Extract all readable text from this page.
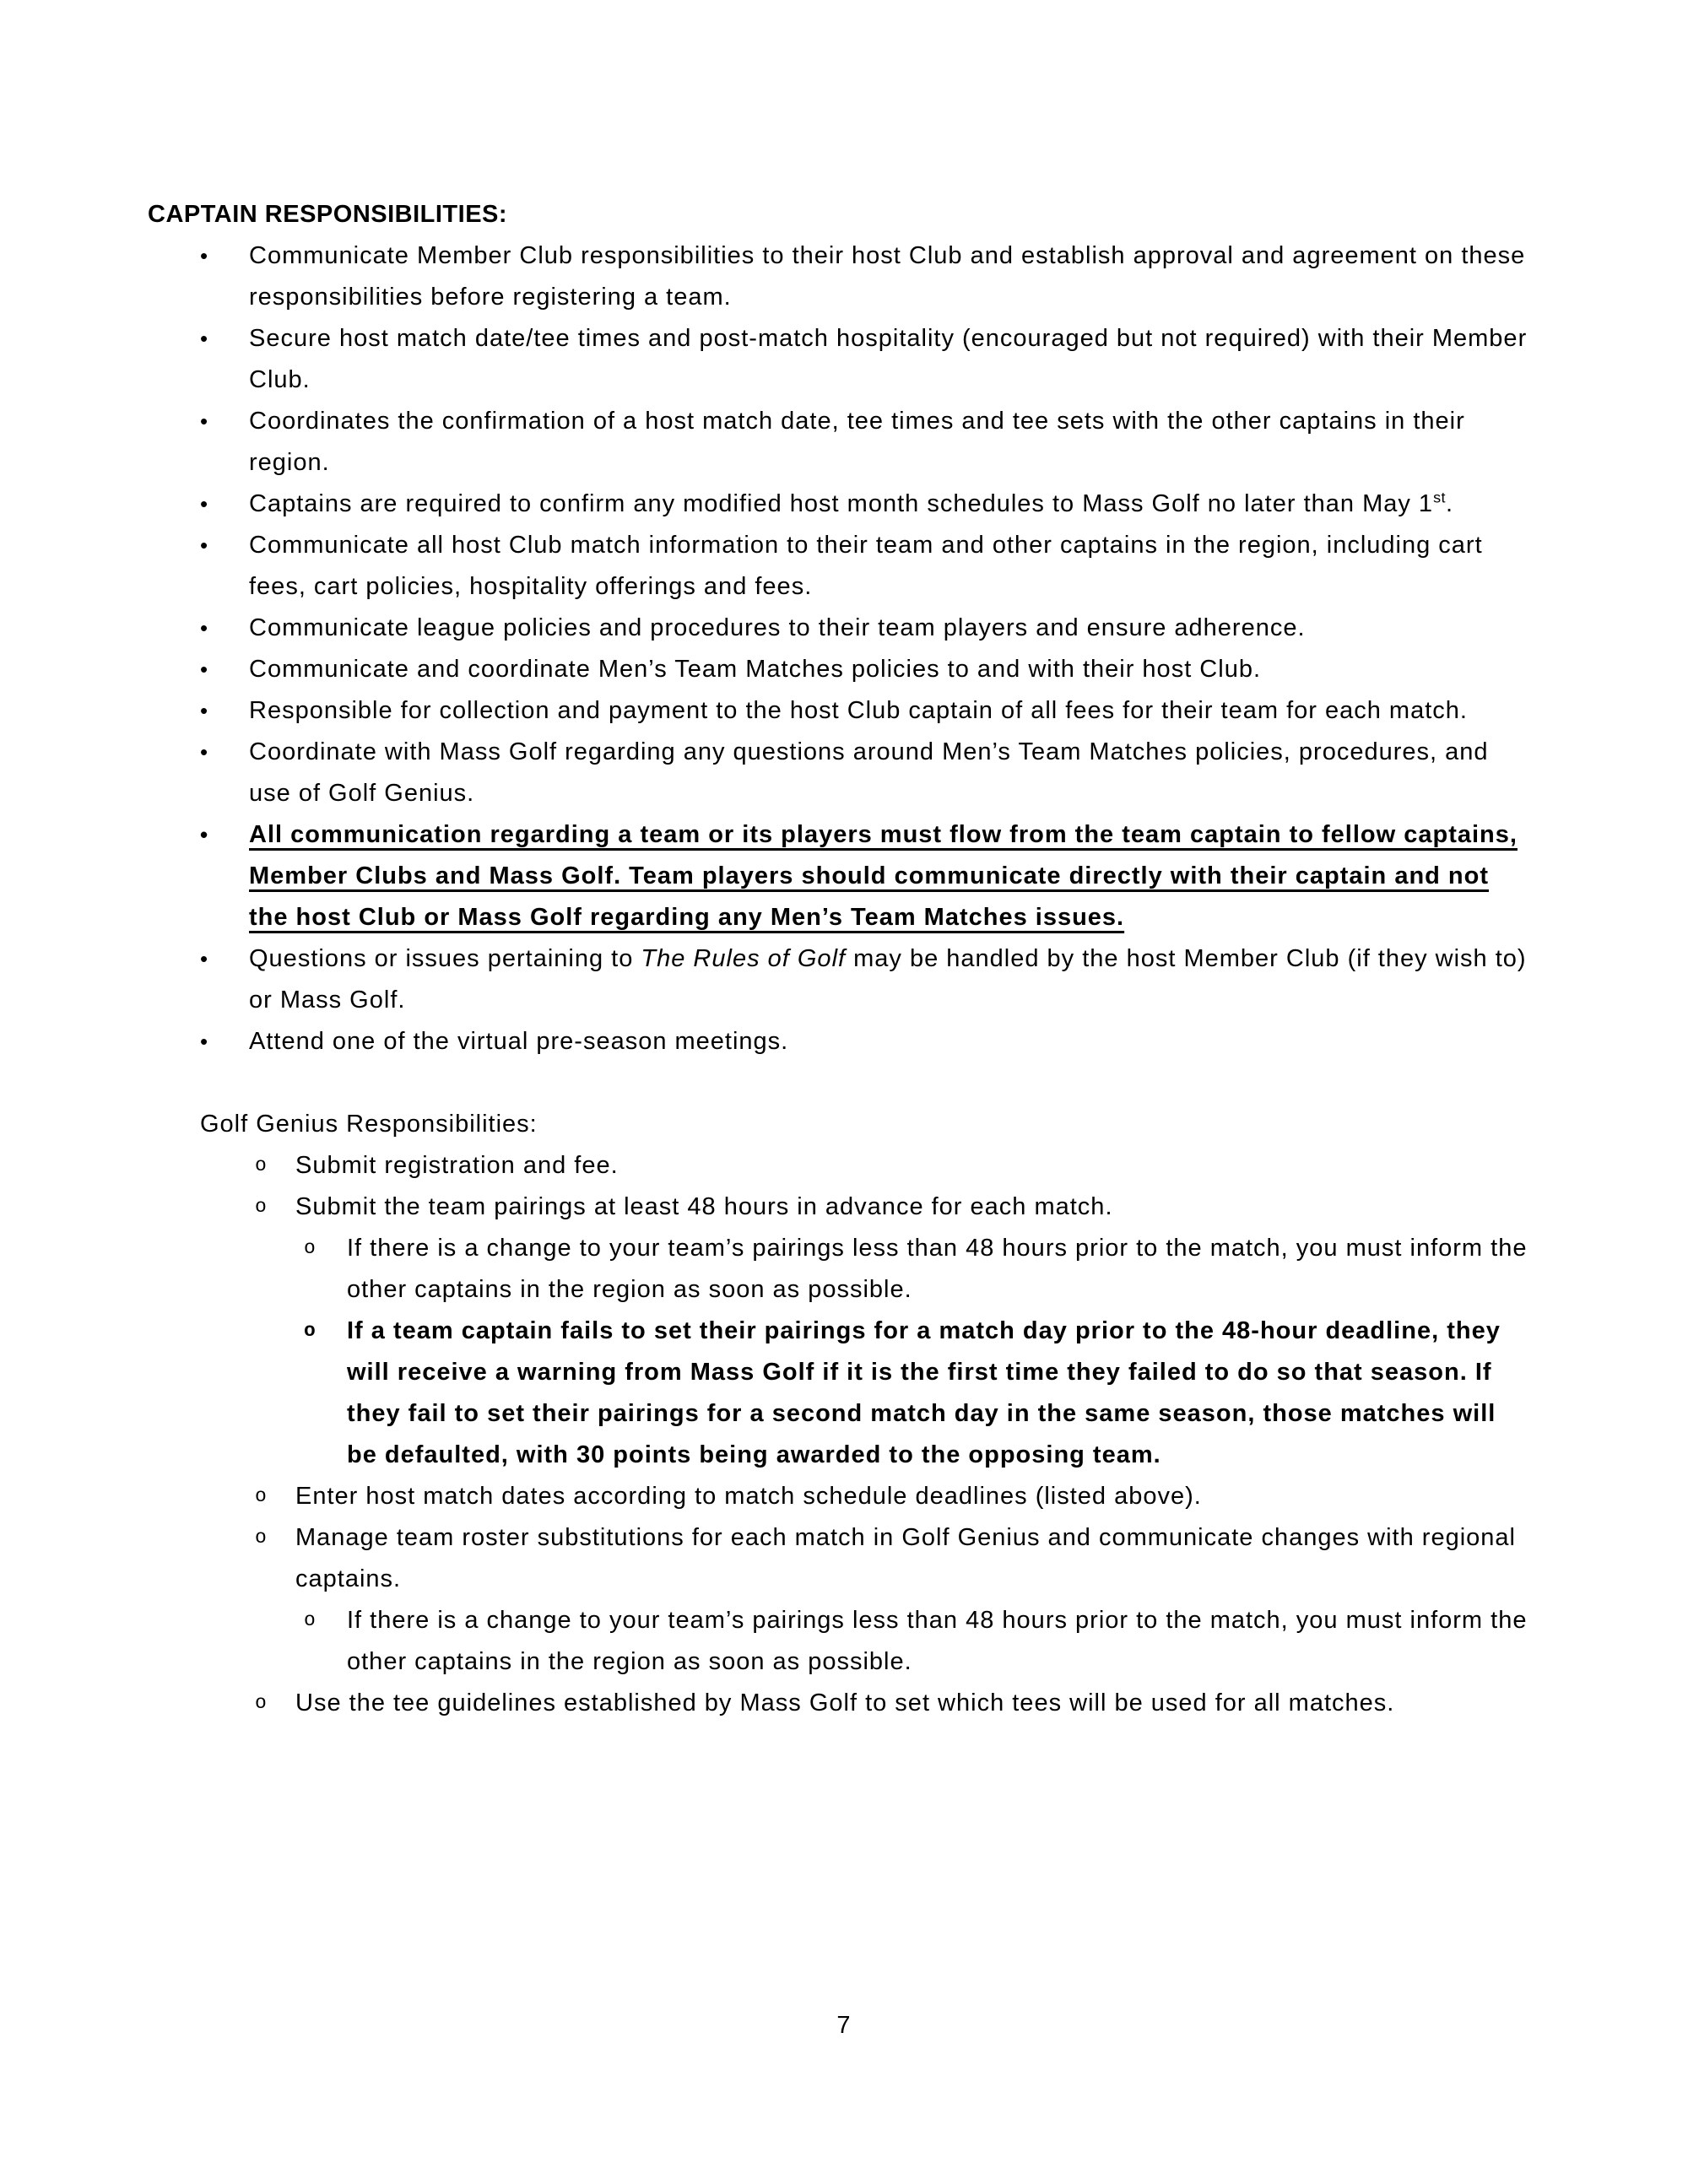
CAPTAIN RESPONSIBILITIES:

•	Communicate Member Club responsibilities to their host Club and establish approval and agreement on these responsibilities before registering a team.
•	Secure host match date/tee times and post-match hospitality (encouraged but not required) with their Member Club.
•	Coordinates the confirmation of a host match date, tee times and tee sets with the other captains in their region.
•	Captains are required to confirm any modified host month schedules to Mass Golf no later than May 1st.
•	Communicate all host Club match information to their team and other captains in the region, including cart fees, cart policies, hospitality offerings and fees.
•	Communicate league policies and procedures to their team players and ensure adherence.
•	Communicate and coordinate Men’s Team Matches policies to and with their host Club.
•	Responsible for collection and payment to the host Club captain of all fees for their team for each match.
•	Coordinate with Mass Golf regarding any questions around Men’s Team Matches policies, procedures, and use of Golf Genius.
•	All communication regarding a team or its players must flow from the team captain to fellow captains, Member Clubs and Mass Golf. Team players should communicate directly with their captain and not the host Club or Mass Golf regarding any Men’s Team Matches issues.
•	Questions or issues pertaining to The Rules of Golf may be handled by the host Member Club (if they wish to) or Mass Golf.
•	Attend one of the virtual pre-season meetings.

Golf Genius Responsibilities:

o	Submit registration and fee.
o	Submit the team pairings at least 48 hours in advance for each match.
o	If there is a change to your team’s pairings less than 48 hours prior to the match, you must inform the other captains in the region as soon as possible.
o	If a team captain fails to set their pairings for a match day prior to the 48-hour deadline, they will receive a warning from Mass Golf if it is the first time they failed to do so that season. If they fail to set their pairings for a second match day in the same season, those matches will be defaulted, with 30 points being awarded to the opposing team.
o	Enter host match dates according to match schedule deadlines (listed above).
o	Manage team roster substitutions for each match in Golf Genius and communicate changes with regional captains.
o	If there is a change to your team’s pairings less than 48 hours prior to the match, you must inform the other captains in the region as soon as possible.
o	Use the tee guidelines established by Mass Golf to set which tees will be used for all matches.
7
